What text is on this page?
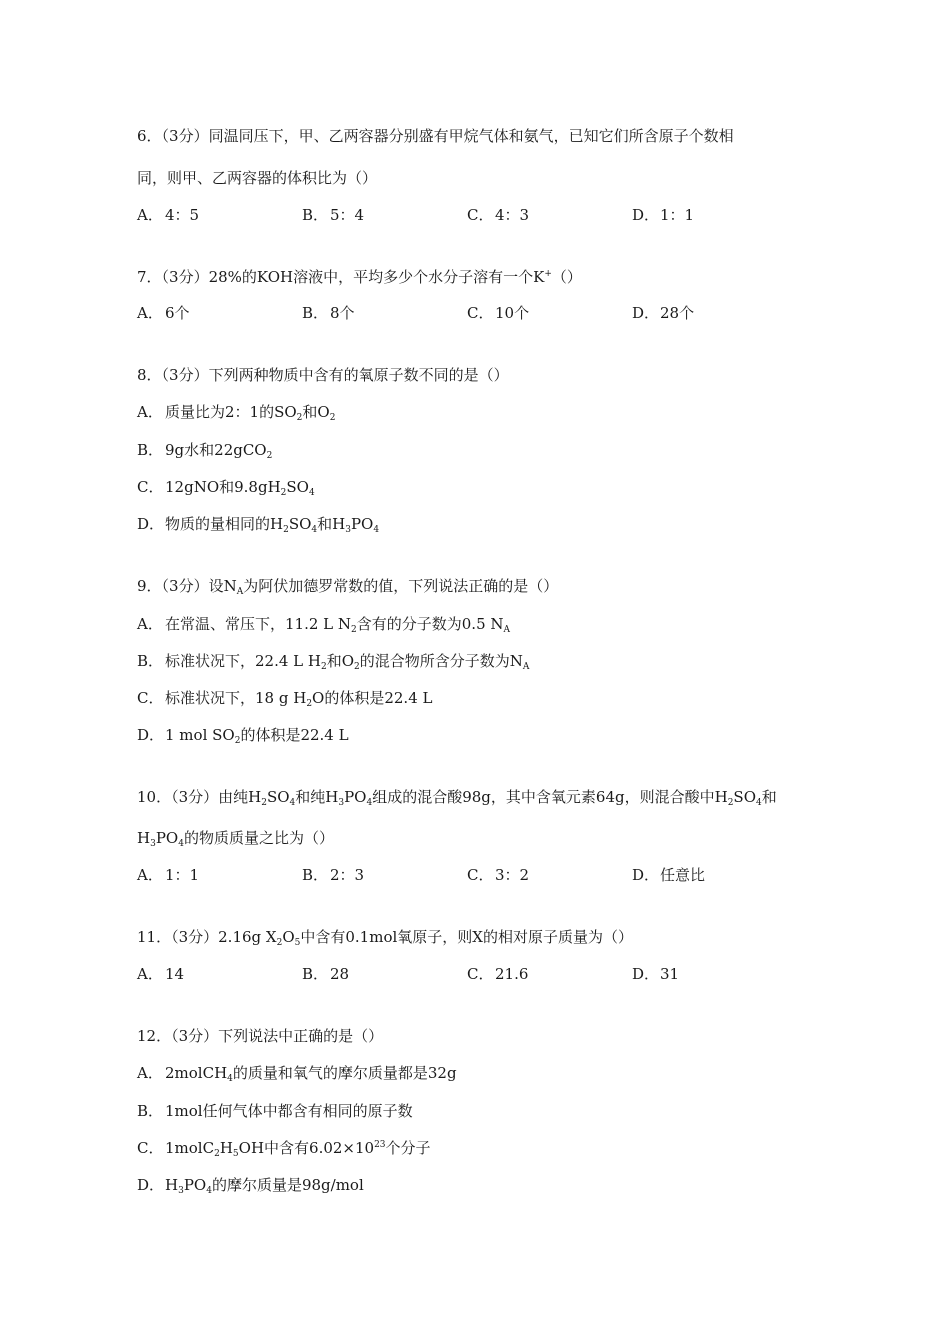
6．（3分）同温同压下，甲、乙两容器分别盛有甲烷气体和氨气，已知它们所含原子个数相
同，则甲、乙两容器的体积比为（）
A． 4：5	B． 5：4	C． 4：3	D．1：1
7．（3分）28%的KOH溶液中，平均多少个水分子溶有一个K+（）
A． 6个	B． 8个	C． 10个	D．28个
8．（3分）下列两种物质中含有的氧原子数不同的是（）
A． 质量比为2：1的$SO_2$和$O_2$
B． 9g水和22gCO$_2$
C． 12gNO和$9.8gH_2SO_4$
D．物质的量相同的$H_2SO_4$和$H_3PO_4$
9．（3分）设$N_A$为阿伏加德罗常数的值，下列说法正确的是（）
A． 在常温、常压下，11.2 L $N_2$含有的分子数为0.5 $N_A$
B． 标准状况下，22.4 L $H_2$和$O_2$的混合物所含分子数为$N_A$
C． 标准状况下，18 g $H_2O$的体积是22.4 L
D．1 mol $SO_2$的体积是22.4 L
10．（3分）由纯$H_2SO_4$和纯$H_3PO_4$组成的混合酸98g，其中含氧元素64g，则混合酸中$H_2SO_4$和
$H_3PO_4$的物质质量之比为（）
A． 1：1	B． 2：3	C． 3：2	D．任意比
11．（3分）2.16g $X_2O_5$中含有0.1mol氧原子，则X的相对原子质量为（）
A． 14	B． 28	C． 21.6	D．31
12．（3分）下列说法中正确的是（）
A． 2molCH$_4$的质量和氧气的摩尔质量都是32g
B． 1mol任何气体中都含有相同的原子数
C． $1molC_2H_5OH$中含有$6.02\times 10^{23}$个分子
D．$H_3PO_4$的摩尔质量是98g/mol
